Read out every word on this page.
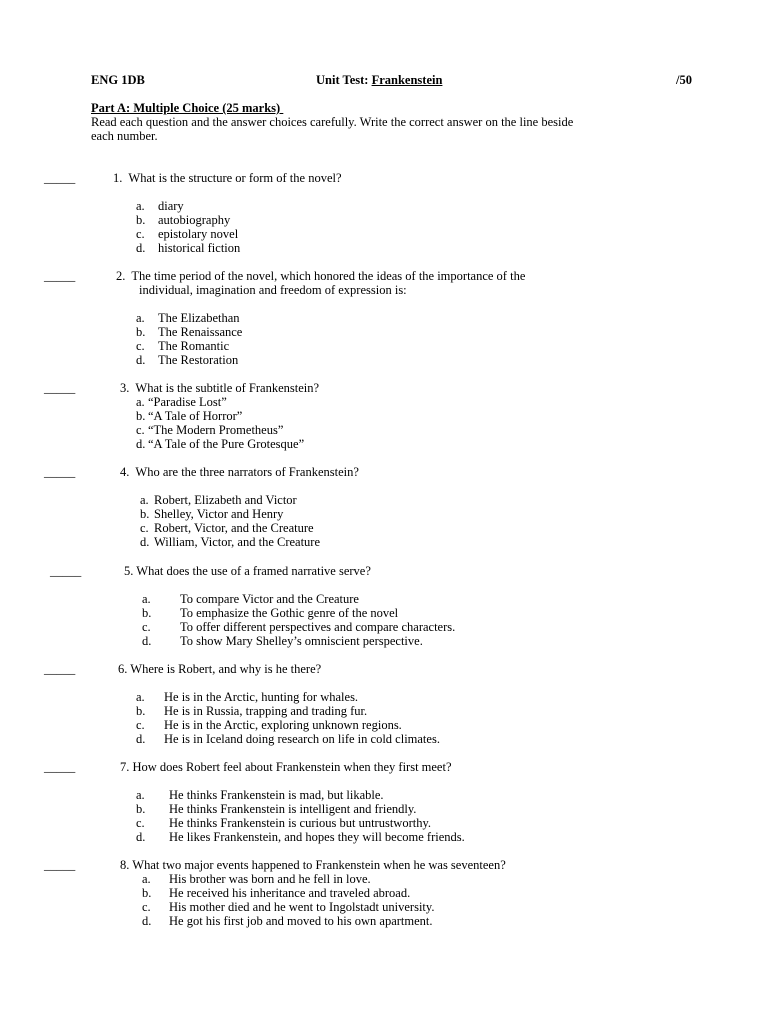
ENG 1DB	Unit Test: Frankenstein	/50
Part A: Multiple Choice (25 marks)
Read each question and the answer choices carefully. Write the correct answer on the line beside
each number.
_____	1.  What is the structure or form of the novel?
a. diary
b. autobiography
c. epistolary novel
d. historical fiction
_____	2.  The time period of the novel, which honored the ideas of the importance of the
individual, imagination and freedom of expression is:
a. The Elizabethan
b. The Renaissance
c. The Romantic
d. The Restoration
_____	3.  What is the subtitle of Frankenstein?
a. “Paradise Lost”
b. “A Tale of Horror”
c. “The Modern Prometheus”
d. “A Tale of the Pure Grotesque”
_____	4.  Who are the three narrators of Frankenstein?
a. Robert, Elizabeth and Victor
b. Shelley, Victor and Henry
c. Robert, Victor, and the Creature
d. William, Victor, and the Creature
_____	5. What does the use of a framed narrative serve?
a. To compare Victor and the Creature
b. To emphasize the Gothic genre of the novel
c. To offer different perspectives and compare characters.
d. To show Mary Shelley’s omniscient perspective.
_____	6. Where is Robert, and why is he there?
a. He is in the Arctic, hunting for whales.
b. He is in Russia, trapping and trading fur.
c. He is in the Arctic, exploring unknown regions.
d. He is in Iceland doing research on life in cold climates.
_____	7. How does Robert feel about Frankenstein when they first meet?
a. He thinks Frankenstein is mad, but likable.
b. He thinks Frankenstein is intelligent and friendly.
c. He thinks Frankenstein is curious but untrustworthy.
d. He likes Frankenstein, and hopes they will become friends.
_____	8. What two major events happened to Frankenstein when he was seventeen?
a. His brother was born and he fell in love.
b. He received his inheritance and traveled abroad.
c. His mother died and he went to Ingolstadt university.
d. He got his first job and moved to his own apartment.
